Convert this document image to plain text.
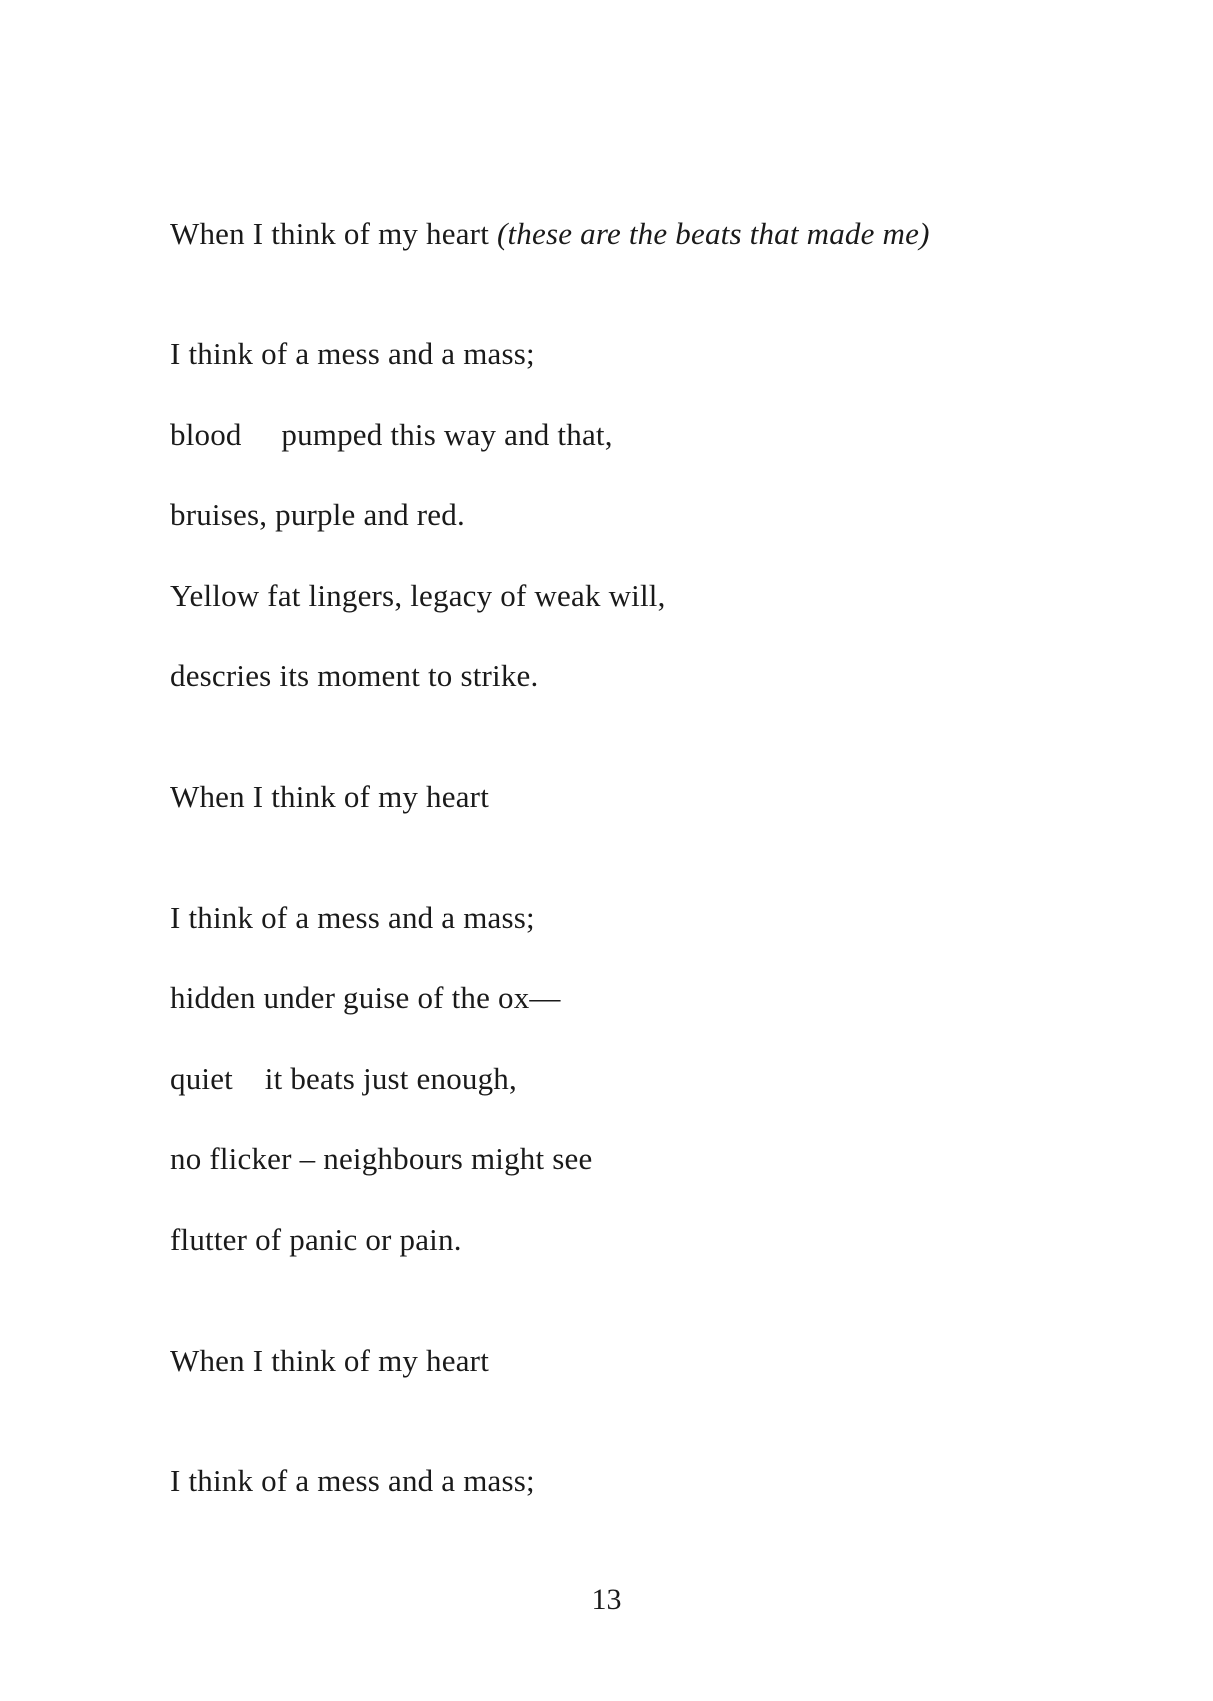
When I think of my heart (these are the beats that made me)
I think of a mess and a mass;
blood     pumped this way and that,
bruises, purple and red.
Yellow fat lingers, legacy of weak will,
descries its moment to strike.
When I think of my heart
I think of a mess and a mass;
hidden under guise of the ox—
quiet    it beats just enough,
no flicker – neighbours might see
flutter of panic or pain.
When I think of my heart
I think of a mess and a mass;
13
